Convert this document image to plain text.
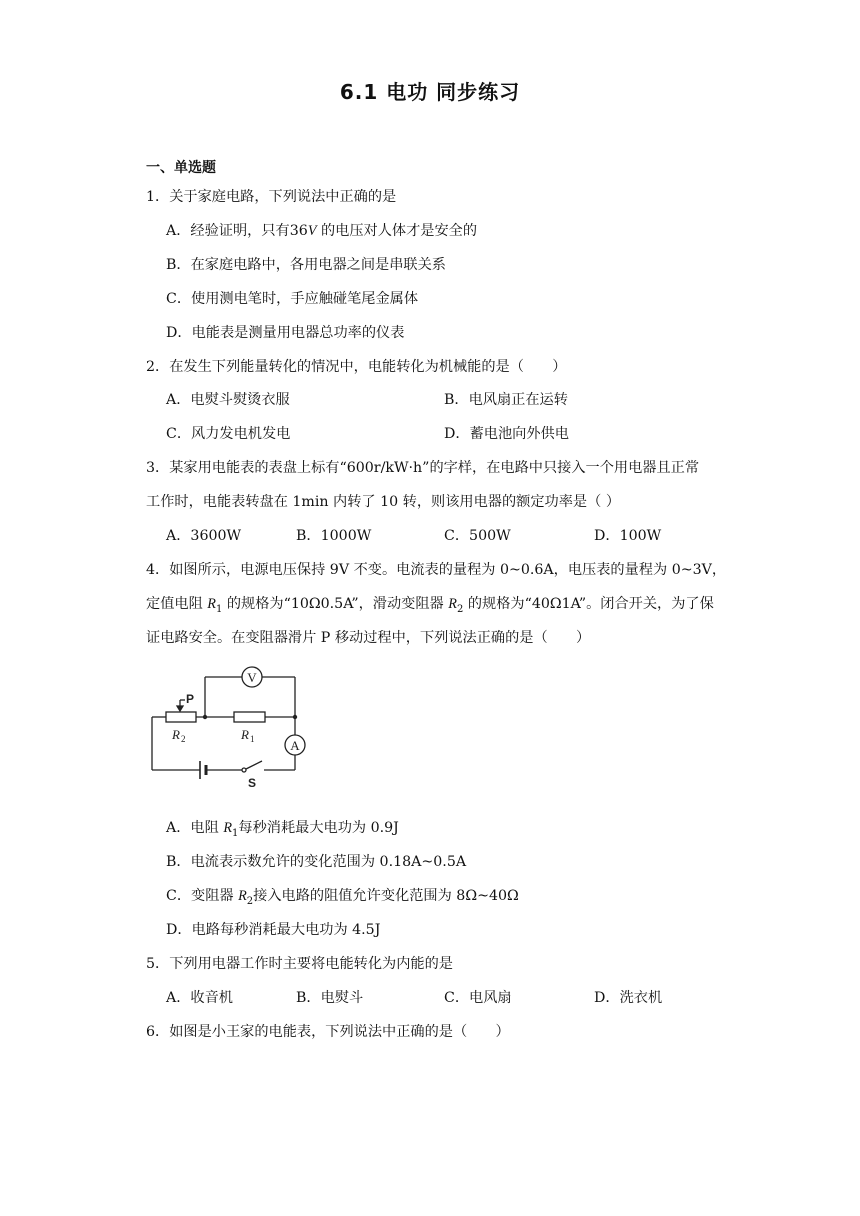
6.1 电功 同步练习
一、单选题
1．关于家庭电路，下列说法中正确的是
A．经验证明，只有36V 的电压对人体才是安全的
B．在家庭电路中，各用电器之间是串联关系
C．使用测电笔时，手应触碰笔尾金属体
D．电能表是测量用电器总功率的仪表
2．在发生下列能量转化的情况中，电能转化为机械能的是（　　）
A．电熨斗熨烫衣服	B．电风扇正在运转
C．风力发电机发电	D．蓄电池向外供电
3．某家用电能表的表盘上标有“600r/kW·h”的字样，在电路中只接入一个用电器且正常
工作时，电能表转盘在 1min 内转了 10 转，则该用电器的额定功率是（ ）
A．3600W	B．1000W	C．500W	D．100W
4．如图所示，电源电压保持 9V 不变。电流表的量程为 0~0.6A，电压表的量程为 0~3V，
定值电阻 $R_1$ 的规格为“10Ω0.5A”，滑动变阻器 $R_2$ 的规格为“40Ω1A”。闭合开关，为了保
证电路安全。在变阻器滑片 P 移动过程中，下列说法正确的是（　　）
V
A
P
R 2	R 1
S
A．电阻 $R_1$每秒消耗最大电功为 0.9J
B．电流表示数允许的变化范围为 0.18A~0.5A
C．变阻器 $R_2$接入电路的阻值允许变化范围为 8Ω~40Ω
D．电路每秒消耗最大电功为 4.5J
5．下列用电器工作时主要将电能转化为内能的是
A．收音机	B．电熨斗	C．电风扇	D．洗衣机
6．如图是小王家的电能表，下列说法中正确的是（　　）
